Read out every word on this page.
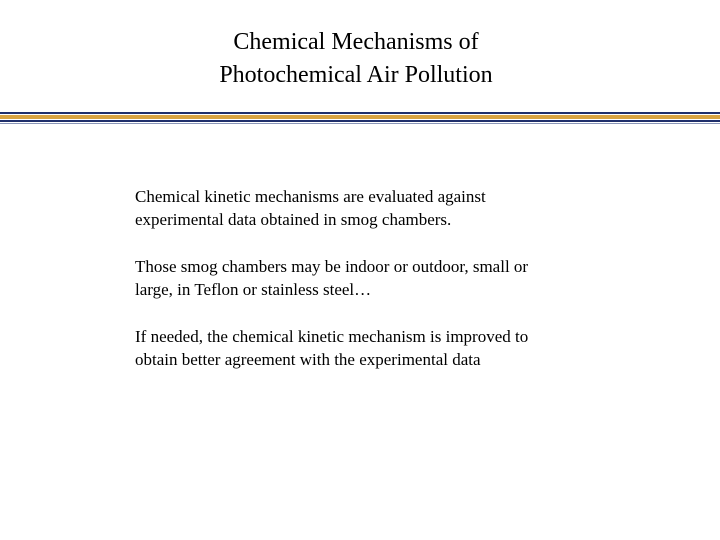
Chemical Mechanisms of
Photochemical Air Pollution

Chemical kinetic mechanisms are evaluated against
experimental data obtained in smog chambers.

Those smog chambers may be indoor or outdoor, small or
large, in Teflon or stainless steel…

If needed, the chemical kinetic mechanism is improved to
obtain better agreement with the experimental data
